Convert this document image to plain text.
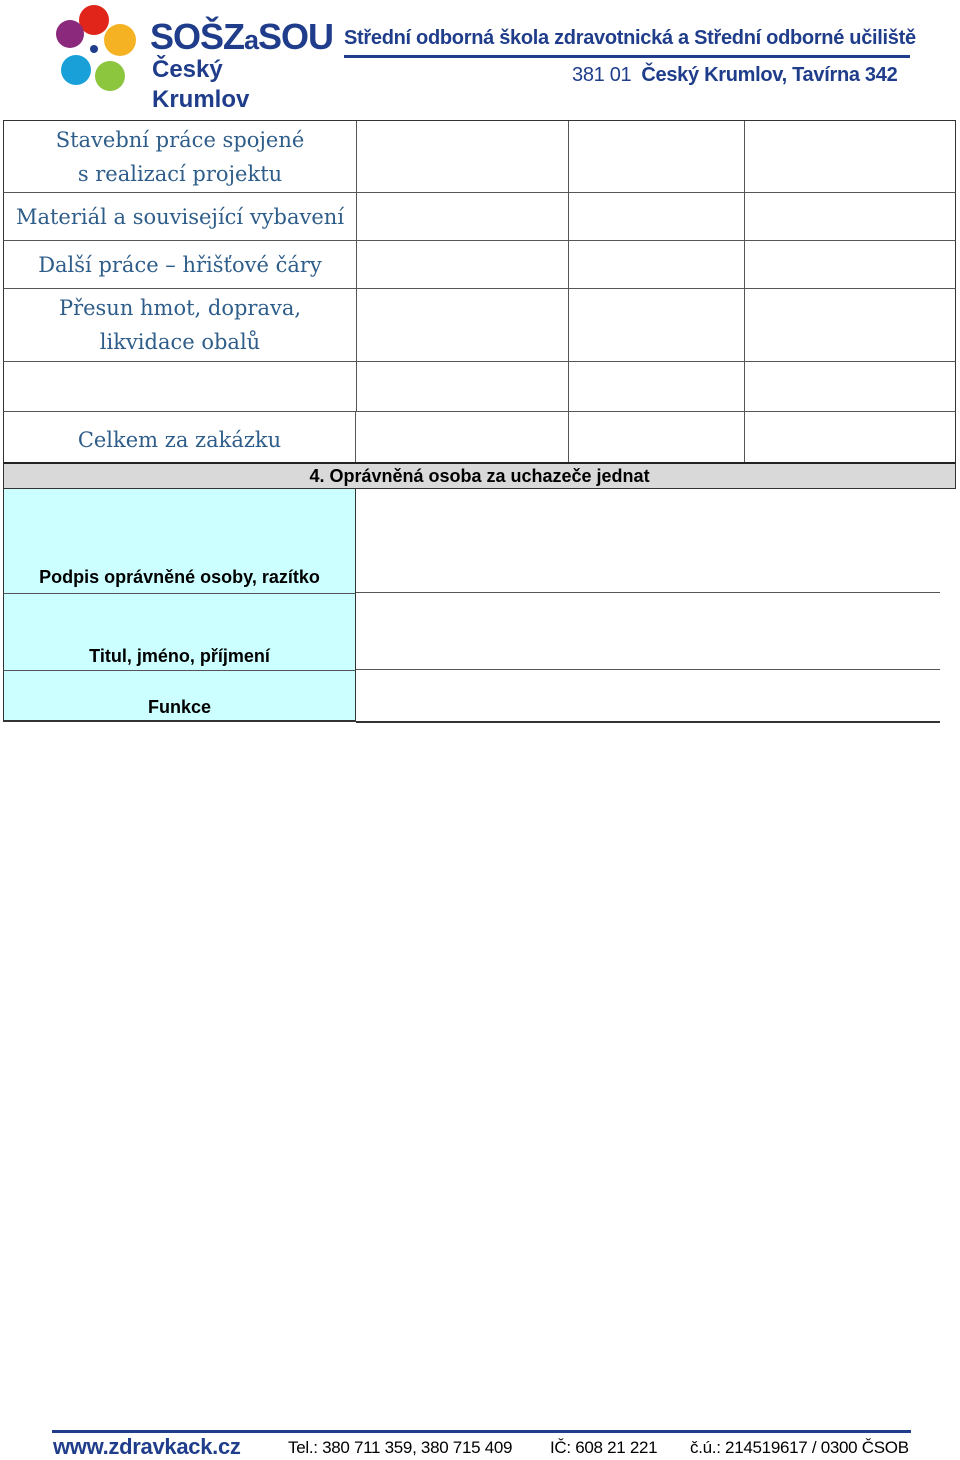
SOŠZaSOU
Český Krumlov
Střední odborná škola zdravotnická a Střední odborné učiliště
381 01 Český Krumlov, Tavírna 342
Stavební práce spojené
s realizací projektu
Materiál a související vybavení
Další práce – hřišťové čáry
Přesun hmot, doprava,
likvidace obalů
Celkem za zakázku
4. Oprávněná osoba za uchazeče jednat
Podpis oprávněné osoby, razítko
Titul, jméno, příjmení
Funkce
www.zdravkack.cz	Tel.: 380 711 359, 380 715 409 IČ: 608 21 221 č.ú.: 214519617 / 0300 ČSOB
